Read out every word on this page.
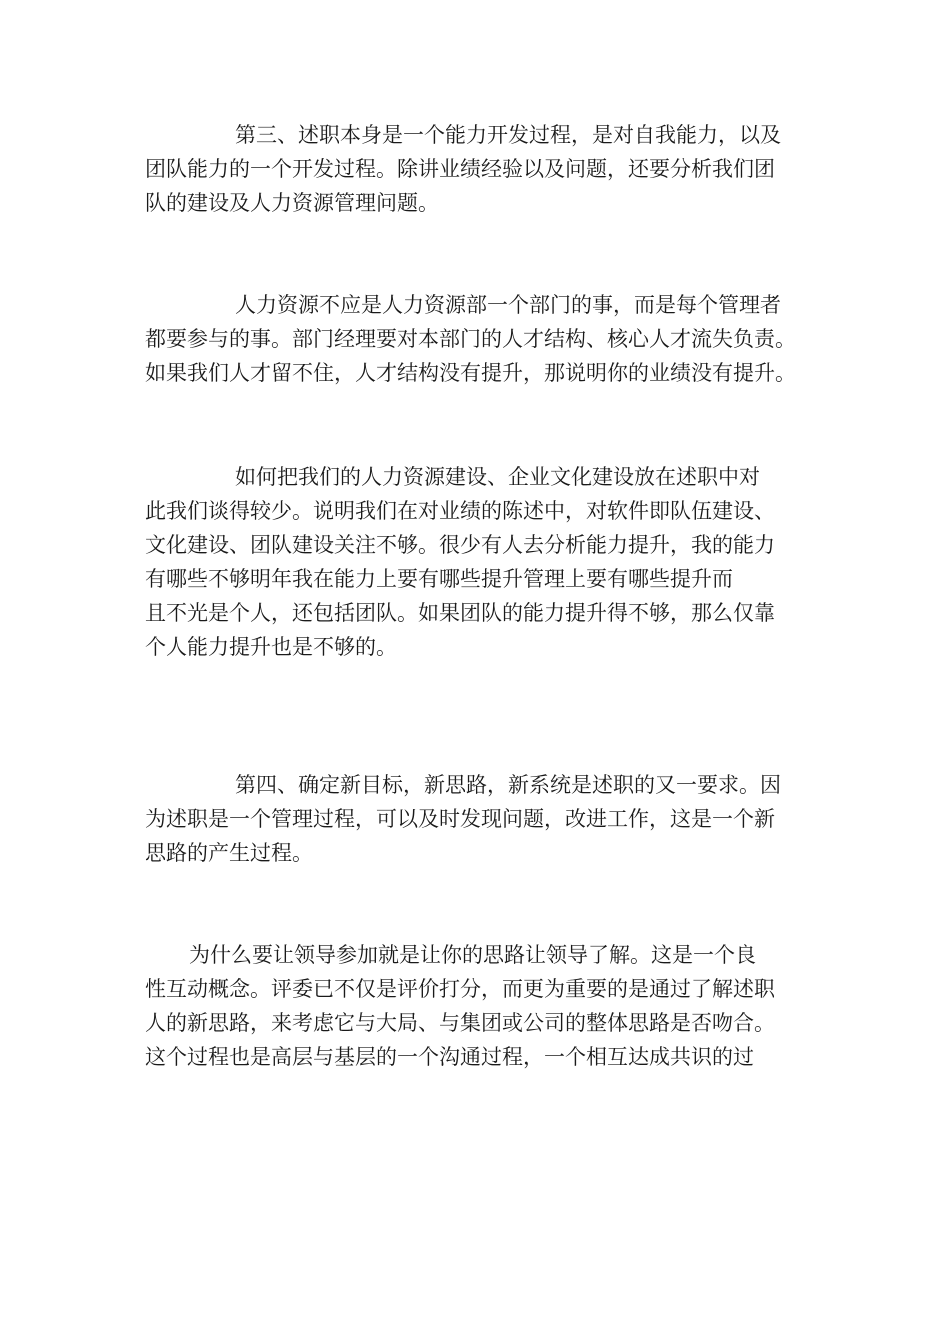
第三、述职本身是一个能力开发过程，是对自我能力，以及
团队能力的一个开发过程。除讲业绩经验以及问题，还要分析我们团
队的建设及人力资源管理问题。

人力资源不应是人力资源部一个部门的事，而是每个管理者
都要参与的事。部门经理要对本部门的人才结构、核心人才流失负责。
如果我们人才留不住，人才结构没有提升，那说明你的业绩没有提升。

如何把我们的人力资源建设、企业文化建设放在述职中对
此我们谈得较少。说明我们在对业绩的陈述中，对软件即队伍建设、
文化建设、团队建设关注不够。很少有人去分析能力提升，我的能力
有哪些不够明年我在能力上要有哪些提升管理上要有哪些提升而
且不光是个人，还包括团队。如果团队的能力提升得不够，那么仅靠
个人能力提升也是不够的。

第四、确定新目标，新思路，新系统是述职的又一要求。因
为述职是一个管理过程，可以及时发现问题，改进工作，这是一个新
思路的产生过程。

为什么要让领导参加就是让你的思路让领导了解。这是一个良
性互动概念。评委已不仅是评价打分，而更为重要的是通过了解述职
人的新思路，来考虑它与大局、与集团或公司的整体思路是否吻合。
这个过程也是高层与基层的一个沟通过程，一个相互达成共识的过
